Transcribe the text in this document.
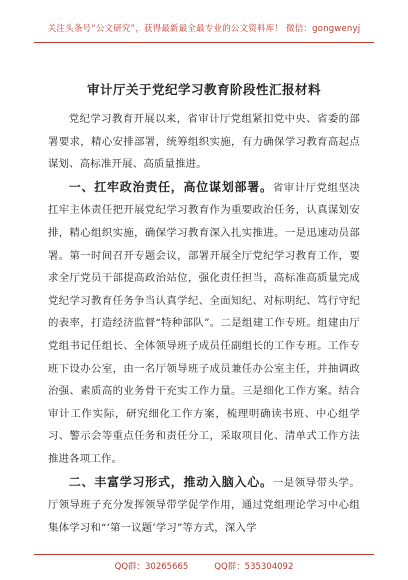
关注头条号“公文研究”，获得最新最全最专业的公文资料库！ 微信：gongwenyj
审计厅关于党纪学习教育阶段性汇报材料

党纪学习教育开展以来，省审计厅党组紧扣党中央、省委的部署要求，精心安排部署，统筹组织实施，有力确保学习教育高起点谋划、高标准开展、高质量推进。

一、扛牢政治责任，高位谋划部署。省审计厅党组坚决扛牢主体责任把开展党纪学习教育作为重要政治任务，认真谋划安排，精心组织实施，确保学习教育深入扎实推进。一是迅速动员部署。第一时间召开专题会议，部署开展全厅党纪学习教育工作，要求全厅党员干部提高政治站位，强化责任担当，高标准高质量完成党纪学习教育任务争当认真学纪、全面知纪、对标明纪、笃行守纪的表率，打造经济监督“特种部队”。二是组建工作专班。组建由厅党组书记任组长、全体领导班子成员任副组长的工作专班。工作专班下设办公室，由一名厅领导班子成员兼任办公室主任，并抽调政治强、素质高的业务骨干充实工作力量。三是细化工作方案。结合审计工作实际，研究细化工作方案，梳理明确读书班、中心组学习、警示会等重点任务和责任分工，采取项目化、清单式工作方法推进各项工作。

二、丰富学习形式，推动入脑入心。一是领导带头学。厅领导班子充分发挥领导带学促学作用，通过党组理论学习中心组集体学习和“‘第一议题’学习”等方式，深入学

QQ群：30265665	QQ群：535304092
